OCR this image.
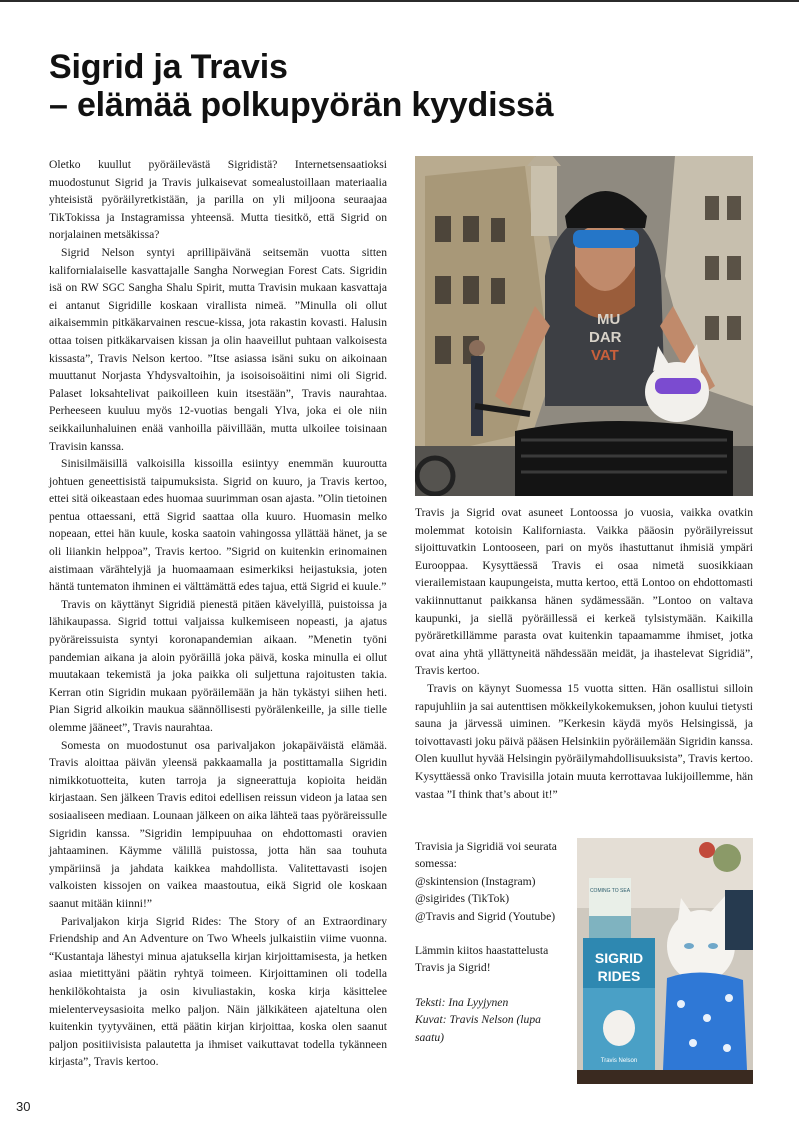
Sigrid ja Travis
– elämää polkupyörän kyydissä

Oletko kuullut pyöräilevästä Sigridistä? Internetsensaatioksi muodostunut Sigrid ja Travis julkaisevat somealustoillaan materiaalia yhteisistä pyöräilyretkistään, ja parilla on yli miljoona seuraajaa TikTokissa ja Instagramissa yhteensä. Mutta tiesitkö, että Sigrid on norjalainen metsäkissa?

Sigrid Nelson syntyi aprillipäivänä seitsemän vuotta sitten kalifornialaiselle kasvattajalle Sangha Norwegian Forest Cats. Sigridin isä on RW SGC Sangha Shalu Spirit, mutta Travisin mukaan kasvattaja ei antanut Sigridille koskaan virallista nimeä. ”Minulla oli ollut aikaisemmin pitkäkarvainen rescue-kissa, jota rakastin kovasti. Halusin ottaa toisen pitkäkarvaisen kissan ja olin haaveillut puhtaan valkoisesta kissasta”, Travis Nelson kertoo. ”Itse asiassa isäni suku on aikoinaan muuttanut Norjasta Yhdysvaltoihin, ja isoisoisoäitini nimi oli Sigrid. Palaset loksahtelivat paikoilleen kuin itsestään”, Travis naurahtaa. Perheeseen kuuluu myös 12-vuotias bengali Ylva, joka ei ole niin seikkailunhaluinen enää vanhoilla päivillään, mutta ulkoilee toisinaan Travisin kanssa.

Sinisilmäisillä valkoisilla kissoilla esiintyy enemmän kuuroutta johtuen geneettisistä taipumuksista. Sigrid on kuuro, ja Travis kertoo, ettei sitä oikeastaan edes huomaa suurimman osan ajasta. ”Olin tietoinen pentua ottaessani, että Sigrid saattaa olla kuuro. Huomasin melko nopeaan, ettei hän kuule, koska saatoin vahingossa yllättää hänet, ja se oli liiankin helppoa”, Travis kertoo. ”Sigrid on kuitenkin erinomainen aistimaan värähtelyjä ja huomaamaan esimerkiksi heijastuksia, joten häntä tuntematon ihminen ei välttämättä edes tajua, että Sigrid ei kuule.”

Travis on käyttänyt Sigridiä pienestä pitäen kävelyillä, puistoissa ja lähikaupassa. Sigrid tottui valjaissa kulkemiseen nopeasti, ja ajatus pyöräreissuista syntyi koronapandemian aikaan. ”Menetin työni pandemian aikana ja aloin pyöräillä joka päivä, koska minulla ei ollut muutakaan tekemistä ja joka paikka oli suljettuna rajoitusten takia. Kerran otin Sigridin mukaan pyöräilemään ja hän tykästyi siihen heti. Pian Sigrid alkoikin maukua säännöllisesti pyörälenkeille, ja sille tielle olemme jääneet”, Travis naurahtaa.

Somesta on muodostunut osa parivaljakon jokapäiväistä elämää. Travis aloittaa päivän yleensä pakkaamalla ja postittamalla Sigridin nimikkotuotteita, kuten tarroja ja signeerattuja kopioita heidän kirjastaan. Sen jälkeen Travis editoi edellisen reissun videon ja lataa sen sosiaaliseen mediaan. Lounaan jälkeen on aika lähteä taas pyöräreissulle Sigridin kanssa. ”Sigridin lempipuuhaa on ehdottomasti oravien jahtaaminen. Käymme välillä puistossa, jotta hän saa touhuta ympäriinsä ja jahdata kaikkea mahdollista. Valitettavasti isojen valkoisten kissojen on vaikea maastoutua, eikä Sigrid ole koskaan saanut mitään kiinni!”

Parivaljakon kirja Sigrid Rides: The Story of an Extraordinary Friendship and An Adventure on Two Wheels julkaistiin viime vuonna. “Kustantaja lähestyi minua ajatuksella kirjan kirjoittamisesta, ja hetken asiaa mietittyäni päätin ryhtyä toimeen. Kirjoittaminen oli todella henkilökohtaista ja osin kivuliastakin, koska kirja käsittelee mielenterveysasioita melko paljon. Näin jälkikäteen ajateltuna olen kuitenkin tyytyväinen, että päätin kirjan kirjoittaa, koska olen saanut paljon positiivisista palautetta ja ihmiset vaikuttavat todella tykänneen kirjasta”, Travis kertoo.

MU
DAR
VAT

Travis ja Sigrid ovat asuneet Lontoossa jo vuosia, vaikka ovatkin molemmat kotoisin Kaliforniasta. Vaikka pääosin pyöräilyreissut sijoittuvatkin Lontooseen, pari on myös ihastuttanut ihmisiä ympäri Eurooppaa. Kysyttäessä Travis ei osaa nimetä suosikkiaan vierailemistaan kaupungeista, mutta kertoo, että Lontoo on ehdottomasti vakiinnuttanut paikkansa hänen sydämessään. ”Lontoo on valtava kaupunki, ja siellä pyöräillessä ei kerkeä tylsistymään. Kaikilla pyöräretkillämme parasta ovat kuitenkin tapaamamme ihmiset, jotka ovat aina yhtä yllättyneitä nähdessään meidät, ja ihastelevat Sigridiä”, Travis kertoo.

Travis on käynyt Suomessa 15 vuotta sitten. Hän osallistui silloin rapujuhliin ja sai autenttisen mökkeilykokemuksen, johon kuului tietysti sauna ja järvessä uiminen. ”Kerkesin käydä myös Helsingissä, ja toivottavasti joku päivä pääsen Helsinkiin pyöräilemään Sigridin kanssa. Olen kuullut hyvää Helsingin pyöräilymahdollisuuksista”, Travis kertoo. Kysyttäessä onko Travisilla jotain muuta kerrottavaa lukijoillemme, hän vastaa ”I think that’s about it!”

Travisia ja Sigridiä voi seurata somessa:

@skintension (Instagram)

@sigirides (TikTok)

@Travis and Sigrid (Youtube)

Lämmin kiitos haastattelusta Travis ja Sigrid!

Teksti: Ina Lyyjynen

Kuvat: Travis Nelson (lupa saatu)

COMING TO SEA
SIGRID
RIDES
Travis Nelson

30
